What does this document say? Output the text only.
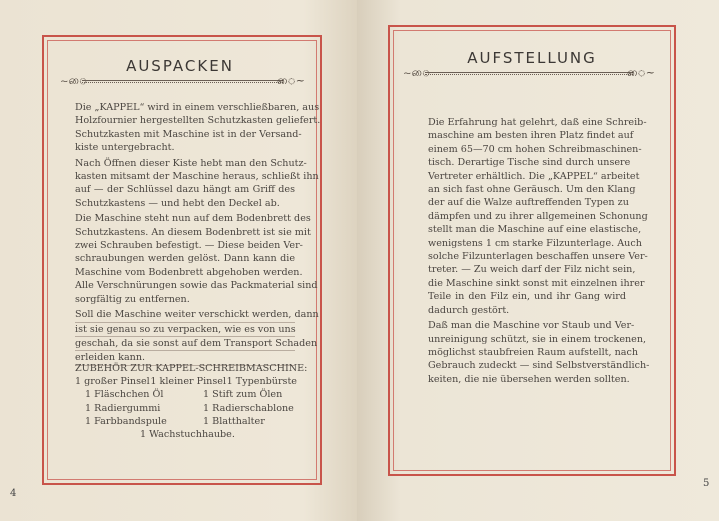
AUSPACKEN
~ை	ை~
Die „KAPPEL“ wird in einem verschließbaren, aus
Holzfournier hergestellten Schutzkasten geliefert.
Schutzkasten mit Maschine ist in der Versand-
kiste untergebracht.
Nach Öffnen dieser Kiste hebt man den Schutz-
kasten mitsamt der Maschine heraus, schließt ihn
auf — der Schlüssel dazu hängt am Griff des
Schutzkastens — und hebt den Deckel ab.
Die Maschine steht nun auf dem Bodenbrett des
Schutzkastens. An diesem Bodenbrett ist sie mit
zwei Schrauben befestigt. — Diese beiden Ver-
schraubungen werden gelöst. Dann kann die
Maschine vom Bodenbrett abgehoben werden.
Alle Verschnürungen sowie das Packmaterial sind
sorgfältig zu entfernen.
Soll die Maschine weiter verschickt werden, dann
ist sie genau so zu verpacken, wie es von uns
geschah, da sie sonst auf dem Transport Schaden
erleiden kann.
ZUBEHÖR ZUR KAPPEL-SCHREIBMASCHINE:
1 großer Pinsel 1 kleiner Pinsel 1 Typenbürste
1 Fläschchen Öl
1 Radiergummi
1 Farbbandspule
1 Stift zum Ölen
1 Radierschablone
1 Blatthalter
1 Wachstuchhaube.
4
AUFSTELLUNG
~ை	ை~
Die Erfahrung hat gelehrt, daß eine Schreib-
maschine am besten ihren Platz findet auf
einem 65—70 cm hohen Schreibmaschinen-
tisch. Derartige Tische sind durch unsere
Vertreter erhältlich. Die „KAPPEL“ arbeitet
an sich fast ohne Geräusch. Um den Klang
der auf die Walze auftreffenden Typen zu
dämpfen und zu ihrer allgemeinen Schonung
stellt man die Maschine auf eine elastische,
wenigstens 1 cm starke Filzunterlage. Auch
solche Filzunterlagen beschaffen unsere Ver-
treter. — Zu weich darf der Filz nicht sein,
die Maschine sinkt sonst mit einzelnen ihrer
Teile in den Filz ein, und ihr Gang wird
dadurch gestört.
Daß man die Maschine vor Staub und Ver-
unreinigung schützt, sie in einem trockenen,
möglichst staubfreien Raum aufstellt, nach
Gebrauch zudeckt — sind Selbstverständlich-
keiten, die nie übersehen werden sollten.
5
